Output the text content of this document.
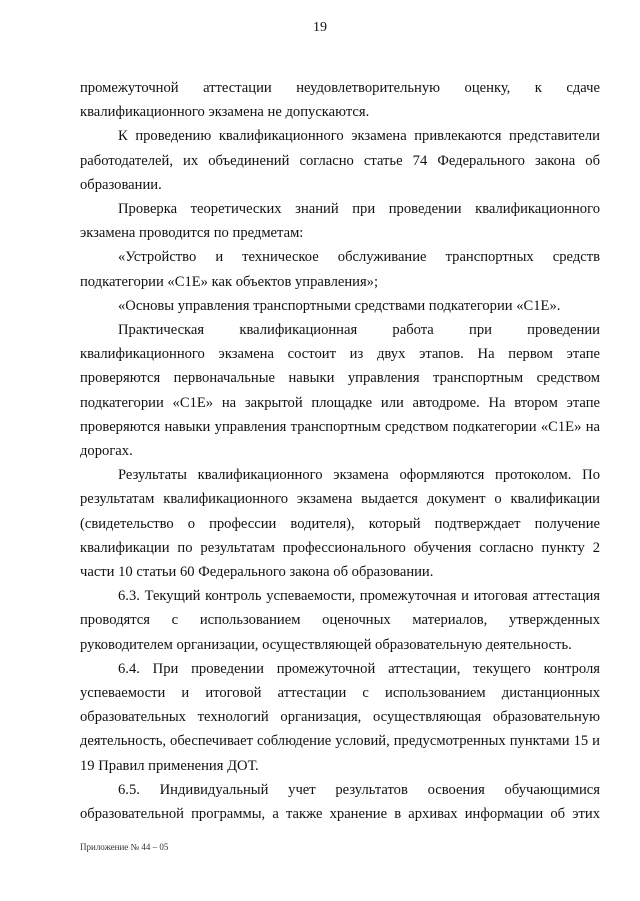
19

промежуточной аттестации неудовлетворительную оценку, к сдаче квалификационного экзамена не допускаются.

К проведению квалификационного экзамена привлекаются представители работодателей, их объединений согласно статье 74 Федерального закона об образовании.

Проверка теоретических знаний при проведении квалификационного экзамена проводится по предметам:

«Устройство и техническое обслуживание транспортных средств подкатегории «С1Е» как объектов управления»;

«Основы управления транспортными средствами подкатегории «С1Е».

Практическая квалификационная работа при проведении квалификационного экзамена состоит из двух этапов. На первом этапе проверяются первоначальные навыки управления транспортным средством подкатегории «С1Е» на закрытой площадке или автодроме. На втором этапе проверяются навыки управления транспортным средством подкатегории «С1Е» на дорогах.

Результаты квалификационного экзамена оформляются протоколом. По результатам квалификационного экзамена выдается документ о квалификации (свидетельство о профессии водителя), который подтверждает получение квалификации по результатам профессионального обучения согласно пункту 2 части 10 статьи 60 Федерального закона об образовании.

6.3. Текущий контроль успеваемости, промежуточная и итоговая аттестация проводятся с использованием оценочных материалов, утвержденных руководителем организации, осуществляющей образовательную деятельность.

6.4. При проведении промежуточной аттестации, текущего контроля успеваемости и итоговой аттестации с использованием дистанционных образовательных технологий организация, осуществляющая образовательную деятельность, обеспечивает соблюдение условий, предусмотренных пунктами 15 и 19 Правил применения ДОТ.

6.5. Индивидуальный учет результатов освоения обучающимися образовательной программы, а также хранение в архивах информации об этих

Приложение № 44 – 05
